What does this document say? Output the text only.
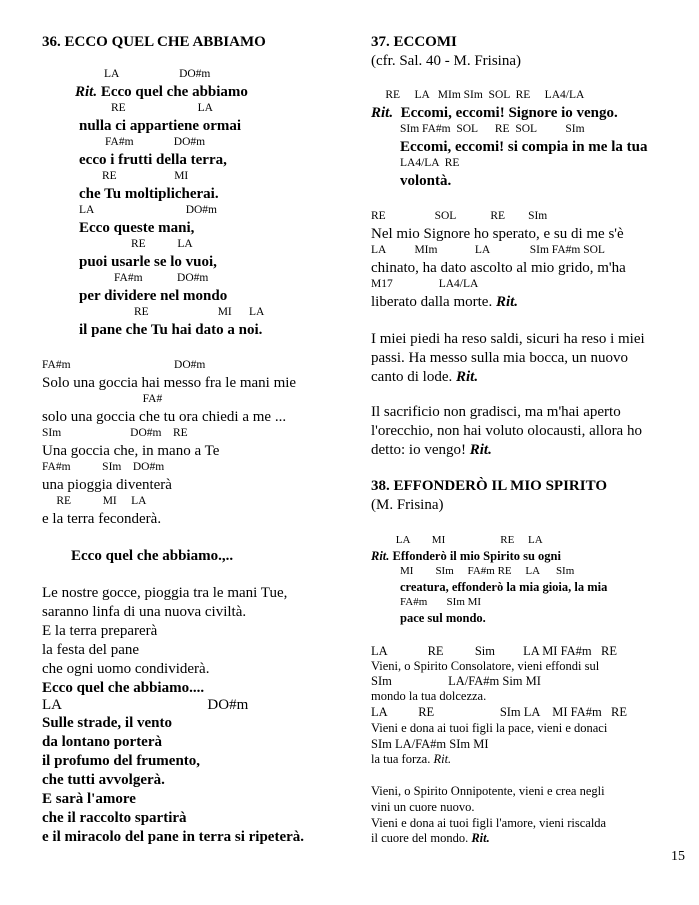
36. ECCO QUEL CHE ABBIAMO
LA                     DO#m
Rit. Ecco quel che abbiamo
RE                         LA
nulla ci appartiene ormai
FA#m              DO#m
ecco i frutti della terra,
RE                    MI
che Tu moltiplicherai.
LA                                DO#m
Ecco queste mani,
RE           LA
puoi usarle se lo vuoi,
FA#m            DO#m
per dividere nel mondo
RE                        MI      LA
il pane che Tu hai dato a noi.
FA#m                                    DO#m
Solo una goccia hai messo fra le mani mie
FA#
solo una goccia che tu ora chiedi a me ...
SIm                        DO#m    RE
Una goccia che, in mano a Te
FA#m           SIm    DO#m
una pioggia diventerà
RE           MI     LA
e la terra feconderà.
Ecco quel che abbiamo.,..
Le nostre gocce, pioggia tra le mani Tue,
saranno linfa di una nuova civiltà.
E la terra preparerà
la festa del pane
che ogni uomo condividerà.
Ecco quel che abbiamo....
LA                                       DO#m
Sulle strade, il vento
da lontano porterà
il profumo del frumento,
che tutti avvolgerà.
E sarà l'amore
che il raccolto spartirà
e il miracolo del pane in terra si ripeterà.
37. ECCOMI
(cfr. Sal. 40 - M. Frisina)
RE     LA   MIm SIm  SOL  RE     LA4/LA
Rit.  Eccomi, eccomi! Signore io vengo.
SIm FA#m  SOL      RE  SOL          SIm
Eccomi, eccomi! si compia in me la tua
LA4/LA  RE
volontà.
RE                 SOL            RE        SIm
Nel mio Signore ho sperato, e su di me s'è
LA          MIm             LA              SIm FA#m SOL
chinato, ha dato ascolto al mio grido, m'ha
M17                LA4/LA
liberato dalla morte. Rit.
I miei piedi ha reso saldi, sicuri ha reso i miei
passi. Ha messo sulla mia bocca, un nuovo
canto di lode. Rit.
Il sacrificio non gradisci, ma m'hai aperto
l'orecchio, non hai voluto olocausti, allora ho
detto: io vengo! Rit.
38. EFFONDERÒ IL MIO SPIRITO
(M. Frisina)
LA        MI                    RE     LA
Rit. Effonderò il mio Spirito su ogni
MI        SIm     FA#m RE     LA      SIm
creatura, effonderò la mia gioia, la mia
FA#m       SIm MI
pace sul mondo.
LA             RE          Sim         LA MI FA#m   RE
Vieni, o Spirito Consolatore, vieni effondi sul
SIm                  LA/FA#m Sim MI
mondo la tua dolcezza.
LA          RE                     SIm LA    MI FA#m   RE
Vieni e dona ai tuoi figli la pace, vieni e donaci
SIm LA/FA#m SIm MI
la tua forza. Rit.
Vieni, o Spirito Onnipotente, vieni e crea negli
vini un cuore nuovo.
Vieni e dona ai tuoi figli l'amore, vieni riscalda
il cuore del mondo. Rit.
15
